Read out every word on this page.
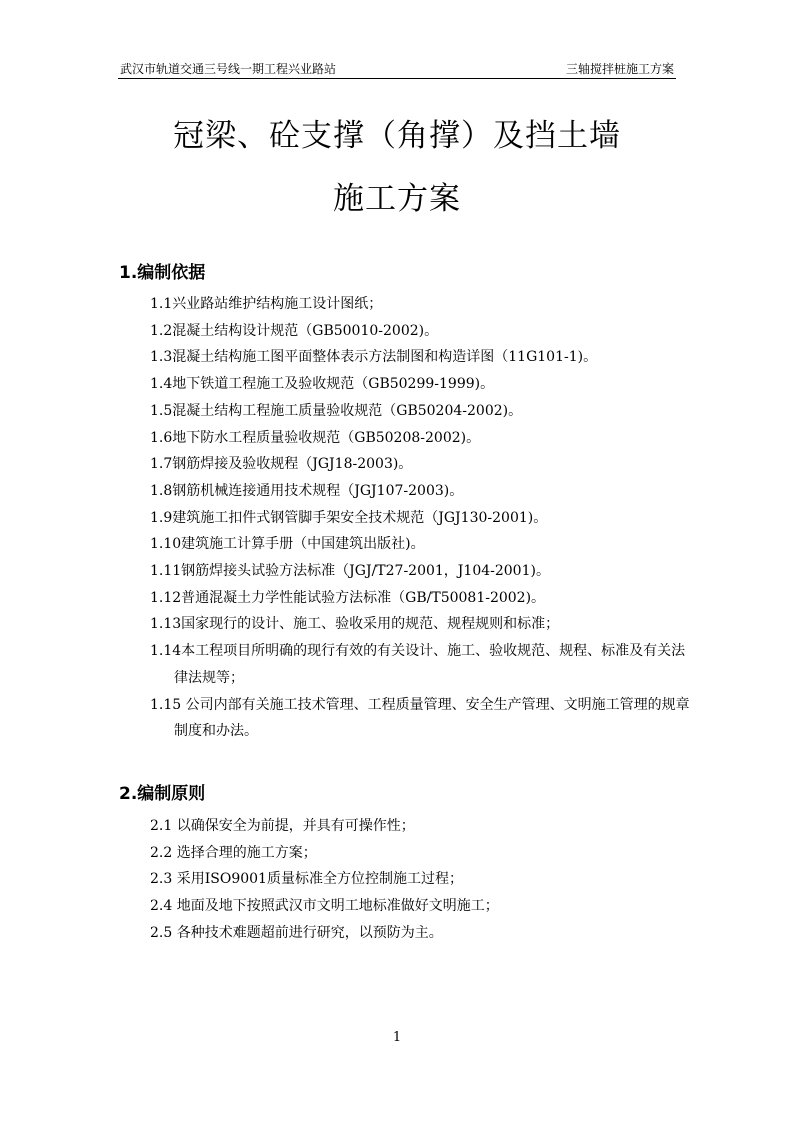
武汉市轨道交通三号线一期工程兴业路站	三轴搅拌桩施工方案
冠梁、砼支撑（角撑）及挡土墙
施工方案
1.编制依据
1.1兴业路站维护结构施工设计图纸；
1.2混凝土结构设计规范（GB50010-2002)。
1.3混凝土结构施工图平面整体表示方法制图和构造详图（11G101-1)。
1.4地下铁道工程施工及验收规范（GB50299-1999)。
1.5混凝土结构工程施工质量验收规范（GB50204-2002)。
1.6地下防水工程质量验收规范（GB50208-2002)。
1.7钢筋焊接及验收规程（JGJ18-2003)。
1.8钢筋机械连接通用技术规程（JGJ107-2003)。
1.9建筑施工扣件式钢管脚手架安全技术规范（JGJ130-2001)。
1.10建筑施工计算手册（中国建筑出版社)。
1.11钢筋焊接头试验方法标准（JGJ/T27-2001，J104-2001)。
1.12普通混凝土力学性能试验方法标准（GB/T50081-2002)。
1.13国家现行的设计、施工、验收采用的规范、规程规则和标准；
1.14本工程项目所明确的现行有效的有关设计、施工、验收规范、规程、标准及有关法律法规等；
1.15 公司内部有关施工技术管理、工程质量管理、安全生产管理、文明施工管理的规章制度和办法。
2.编制原则
2.1 以确保安全为前提，并具有可操作性；
2.2 选择合理的施工方案；
2.3 采用ISO9001质量标准全方位控制施工过程；
2.4 地面及地下按照武汉市文明工地标准做好文明施工；
2.5 各种技术难题超前进行研究，以预防为主。
1
